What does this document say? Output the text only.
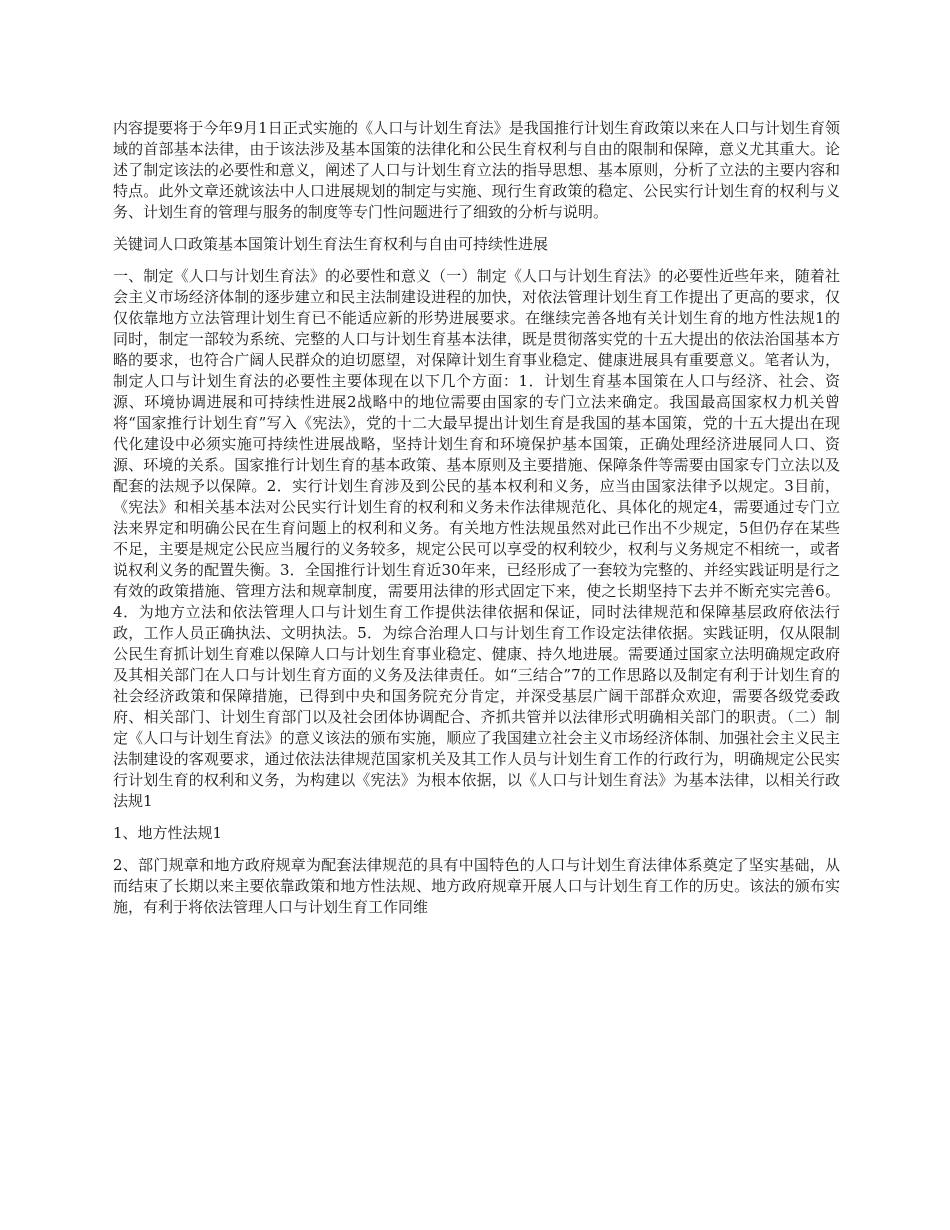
内容提要将于今年9月1日正式实施的《人口与计划生育法》是我国推行计划生育政策以来在人口与计划生育领域的首部基本法律，由于该法涉及基本国策的法律化和公民生育权利与自由的限制和保障，意义尤其重大。论述了制定该法的必要性和意义，阐述了人口与计划生育立法的指导思想、基本原则，分析了立法的主要内容和特点。此外文章还就该法中人口进展规划的制定与实施、现行生育政策的稳定、公民实行计划生育的权利与义务、计划生育的管理与服务的制度等专门性问题进行了细致的分析与说明。

关键词人口政策基本国策计划生育法生育权利与自由可持续性进展

一、制定《人口与计划生育法》的必要性和意义（一）制定《人口与计划生育法》的必要性近些年来，随着社会主义市场经济体制的逐步建立和民主法制建设进程的加快，对依法管理计划生育工作提出了更高的要求，仅仅依靠地方立法管理计划生育已不能适应新的形势进展要求。在继续完善各地有关计划生育的地方性法规1的同时，制定一部较为系统、完整的人口与计划生育基本法律，既是贯彻落实党的十五大提出的依法治国基本方略的要求，也符合广阔人民群众的迫切愿望，对保障计划生育事业稳定、健康进展具有重要意义。笔者认为，制定人口与计划生育法的必要性主要体现在以下几个方面：1．计划生育基本国策在人口与经济、社会、资源、环境协调进展和可持续性进展2战略中的地位需要由国家的专门立法来确定。我国最高国家权力机关曾将“国家推行计划生育”写入《宪法》，党的十二大最早提出计划生育是我国的基本国策，党的十五大提出在现代化建设中必须实施可持续性进展战略，坚持计划生育和环境保护基本国策，正确处理经济进展同人口、资源、环境的关系。国家推行计划生育的基本政策、基本原则及主要措施、保障条件等需要由国家专门立法以及配套的法规予以保障。2．实行计划生育涉及到公民的基本权利和义务，应当由国家法律予以规定。3目前，《宪法》和相关基本法对公民实行计划生育的权利和义务未作法律规范化、具体化的规定4，需要通过专门立法来界定和明确公民在生育问题上的权利和义务。有关地方性法规虽然对此已作出不少规定，5但仍存在某些不足，主要是规定公民应当履行的义务较多，规定公民可以享受的权利较少，权利与义务规定不相统一，或者说权利义务的配置失衡。3．全国推行计划生育近30年来，已经形成了一套较为完整的、并经实践证明是行之有效的政策措施、管理方法和规章制度，需要用法律的形式固定下来，使之长期坚持下去并不断充实完善6。4．为地方立法和依法管理人口与计划生育工作提供法律依据和保证，同时法律规范和保障基层政府依法行政，工作人员正确执法、文明执法。5．为综合治理人口与计划生育工作设定法律依据。实践证明，仅从限制公民生育抓计划生育难以保障人口与计划生育事业稳定、健康、持久地进展。需要通过国家立法明确规定政府及其相关部门在人口与计划生育方面的义务及法律责任。如“三结合”7的工作思路以及制定有利于计划生育的社会经济政策和保障措施，已得到中央和国务院充分肯定，并深受基层广阔干部群众欢迎，需要各级党委政府、相关部门、计划生育部门以及社会团体协调配合、齐抓共管并以法律形式明确相关部门的职责。（二）制定《人口与计划生育法》的意义该法的颁布实施，顺应了我国建立社会主义市场经济体制、加强社会主义民主法制建设的客观要求，通过依法法律规范国家机关及其工作人员与计划生育工作的行政行为，明确规定公民实行计划生育的权利和义务，为构建以《宪法》为根本依据，以《人口与计划生育法》为基本法律，以相关行政法规1

1、地方性法规1

2、部门规章和地方政府规章为配套法律规范的具有中国特色的人口与计划生育法律体系奠定了坚实基础，从而结束了长期以来主要依靠政策和地方性法规、地方政府规章开展人口与计划生育工作的历史。该法的颁布实施，有利于将依法管理人口与计划生育工作同维
